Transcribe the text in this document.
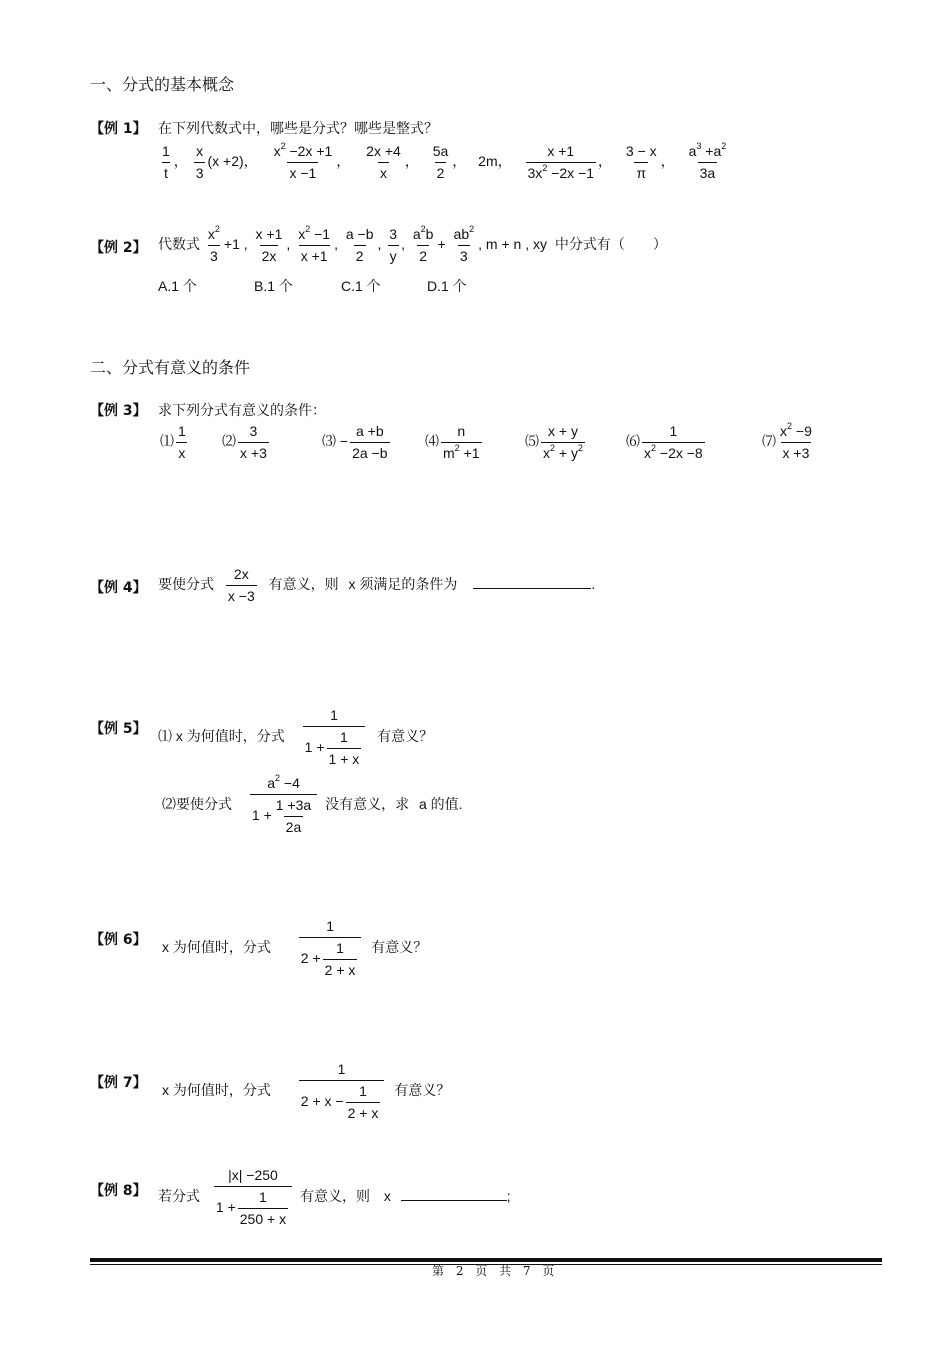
一、分式的基本概念
【例 1】 在下列代数式中，哪些是分式？哪些是整式？
$\frac{1}{t}$ ， $\frac{x}{3} (x +2)$， $\frac{x^2 -2x +1}{x -1}$ ， $\frac{2x +4}{x}$ ， $\frac{5a}{2}$ ， 2m， $\frac{x +1}{3x^2 -2x -1}$ ， $\frac{3 - x}{\pi}$ ， $\frac{a^3 +a^2}{3a}$
【例 2】 代数式 $\frac{x^2}{3} +1$ , $\frac{x +1}{2x}$ , $\frac{x^2 -1}{x +1}$ , $\frac{a -b}{2}$ , $\frac{3}{y}$ , $\frac{a^2b}{2} + \frac{ab^2}{3}$ , m + n , xy 中分式有（　　）
A.1 个	B.1 个	C.1 个	D.1 个
二、分式有意义的条件
【例 3】 求下列分式有意义的条件：
⑴ $\frac{1}{x}$ ⑵ $\frac{3}{x +3}$	⑶ − $\frac{a +b}{2a -b}$	⑷ $\frac{n}{m^2 +1}$	⑸ $\frac{x + y}{x^2 + y^2}$	⑹ $\frac{1}{x^2 -2x -8}$	⑺ $\frac{x^2 -9}{x +3}$
【例 4】 要使分式 $\frac{2x}{x -3}$ 有意义，则 x 须满足的条件为	.
【例 5】 ⑴ x 为何值时，分式 $\frac{1}{1 + \frac{1}{1 + x}}$ 有意义？
⑵要使分式 $\frac{a^2 -4}{1 + \frac{1 +3a}{2a}}$ 没有意义，求 a 的值.
【例 6】 x 为何值时，分式 $\frac{1}{2 + \frac{1}{2 + x}}$ 有意义？
【例 7】 x 为何值时，分式 $\frac{1}{2 + x - \frac{1}{2 + x}}$ 有意义？
【例 8】 若分式 $\frac{|x| -250}{1 + \frac{1}{250 + x}}$ 有意义，则 x	;
第 2 页 共 7 页
